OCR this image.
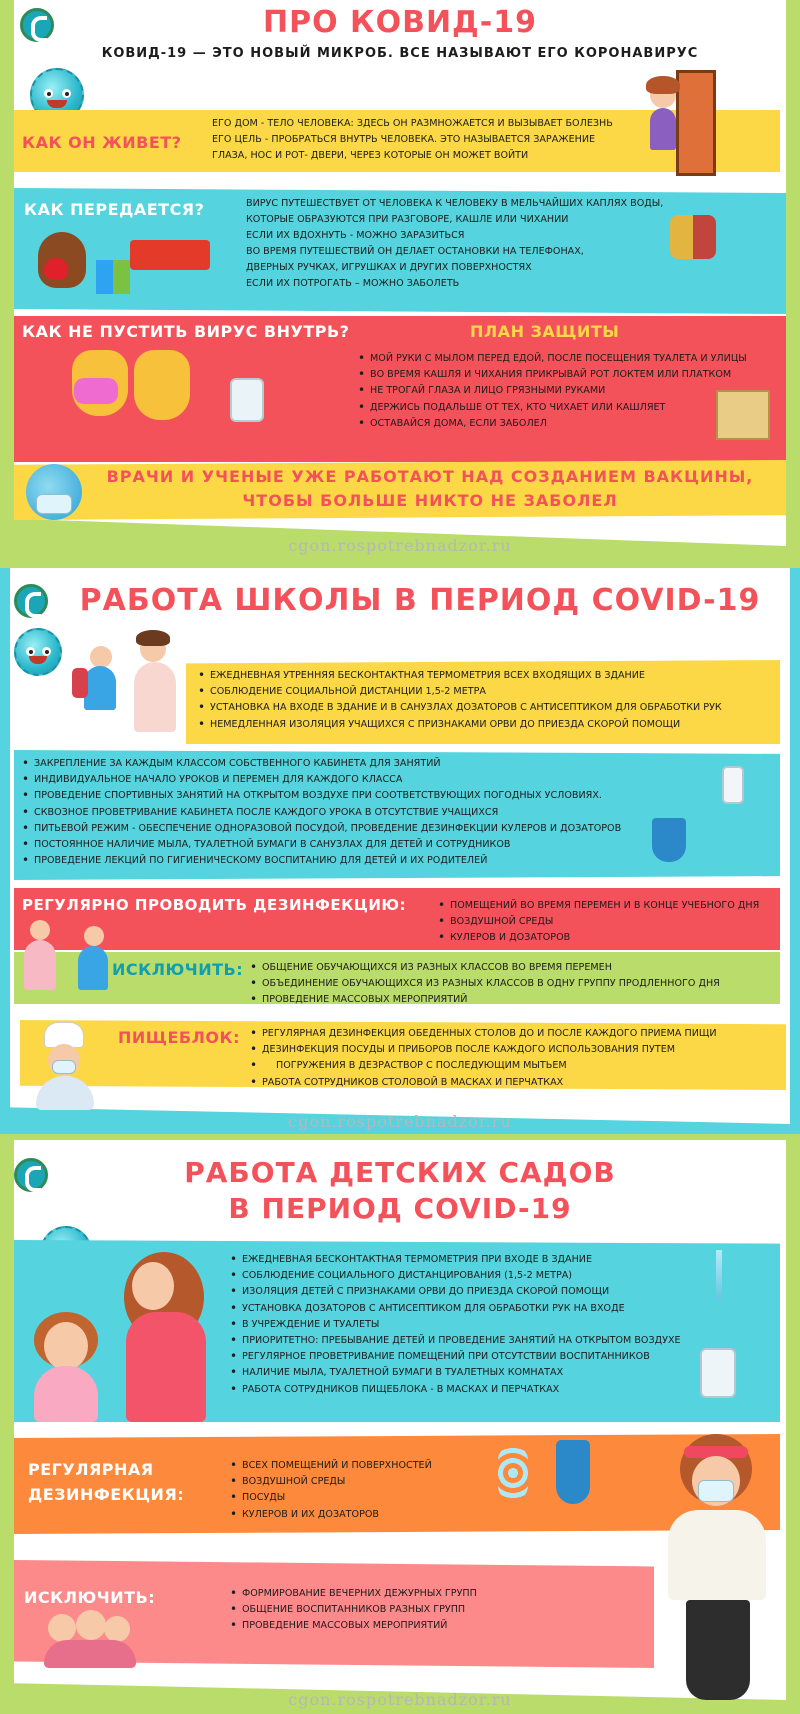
ПРО КОВИД-19
КОВИД-19 — ЭТО НОВЫЙ МИКРОБ. ВСЕ НАЗЫВАЮТ ЕГО КОРОНАВИРУС
КАК ОН ЖИВЕТ?
ЕГО ДОМ - ТЕЛО ЧЕЛОВЕКА: ЗДЕСЬ ОН РАЗМНОЖАЕТСЯ И ВЫЗЫВАЕТ БОЛЕЗНЬ
ЕГО ЦЕЛЬ - ПРОБРАТЬСЯ ВНУТРЬ ЧЕЛОВЕКА. ЭТО НАЗЫВАЕТСЯ ЗАРАЖЕНИЕ
ГЛАЗА, НОС И РОТ- ДВЕРИ, ЧЕРЕЗ КОТОРЫЕ ОН МОЖЕТ ВОЙТИ
КАК ПЕРЕДАЕТСЯ?	ВИРУС ПУТЕШЕСТВУЕТ ОТ ЧЕЛОВЕКА К ЧЕЛОВЕКУ В МЕЛЬЧАЙШИХ КАПЛЯХ ВОДЫ,
КОТОРЫЕ ОБРАЗУЮТСЯ ПРИ РАЗГОВОРЕ, КАШЛЕ ИЛИ ЧИХАНИИ
ЕСЛИ ИХ ВДОХНУТЬ - МОЖНО ЗАРАЗИТЬСЯ
ВО ВРЕМЯ ПУТЕШЕСТВИЙ ОН ДЕЛАЕТ ОСТАНОВКИ НА ТЕЛЕФОНАХ,
ДВЕРНЫХ РУЧКАХ, ИГРУШКАХ И ДРУГИХ ПОВЕРХНОСТЯХ
ЕСЛИ ИХ ПОТРОГАТЬ – МОЖНО ЗАБОЛЕТЬ
КАК НЕ ПУСТИТЬ ВИРУС ВНУТРЬ?	ПЛАН ЗАЩИТЫ
• МОЙ РУКИ С МЫЛОМ ПЕРЕД ЕДОЙ, ПОСЛЕ ПОСЕЩЕНИЯ ТУАЛЕТА И УЛИЦЫ
• ВО ВРЕМЯ КАШЛЯ И ЧИХАНИЯ ПРИКРЫВАЙ РОТ ЛОКТЕМ ИЛИ ПЛАТКОМ
• НЕ ТРОГАЙ ГЛАЗА И ЛИЦО ГРЯЗНЫМИ РУКАМИ
• ДЕРЖИСЬ ПОДАЛЬШЕ ОТ ТЕХ, КТО ЧИХАЕТ ИЛИ КАШЛЯЕТ
• ОСТАВАЙСЯ ДОМА, ЕСЛИ ЗАБОЛЕЛ
ВРАЧИ И УЧЕНЫЕ УЖЕ РАБОТАЮТ НАД СОЗДАНИЕМ ВАКЦИНЫ,
ЧТОБЫ БОЛЬШЕ НИКТО НЕ ЗАБОЛЕЛ
cgon.rospotrebnadzor.ru
РАБОТА ШКОЛЫ В ПЕРИОД COVID-19
• ЕЖЕДНЕВНАЯ УТРЕННЯЯ БЕСКОНТАКТНАЯ ТЕРМОМЕТРИЯ ВСЕХ ВХОДЯЩИХ В ЗДАНИЕ
• СОБЛЮДЕНИЕ СОЦИАЛЬНОЙ ДИСТАНЦИИ 1,5-2 МЕТРА
• УСТАНОВКА НА ВХОДЕ В ЗДАНИЕ И В САНУЗЛАХ ДОЗАТОРОВ С АНТИСЕПТИКОМ ДЛЯ ОБРАБОТКИ РУК
• НЕМЕДЛЕННАЯ ИЗОЛЯЦИЯ УЧАЩИХСЯ С ПРИЗНАКАМИ ОРВИ ДО ПРИЕЗДА СКОРОЙ ПОМОЩИ
• ЗАКРЕПЛЕНИЕ ЗА КАЖДЫМ КЛАССОМ СОБСТВЕННОГО КАБИНЕТА ДЛЯ ЗАНЯТИЙ
• ИНДИВИДУАЛЬНОЕ НАЧАЛО УРОКОВ И ПЕРЕМЕН ДЛЯ КАЖДОГО КЛАССА
• ПРОВЕДЕНИЕ СПОРТИВНЫХ ЗАНЯТИЙ НА ОТКРЫТОМ ВОЗДУХЕ ПРИ СООТВЕТСТВУЮЩИХ ПОГОДНЫХ УСЛОВИЯХ.
• СКВОЗНОЕ ПРОВЕТРИВАНИЕ КАБИНЕТА ПОСЛЕ КАЖДОГО УРОКА В ОТСУТСТВИЕ УЧАЩИХСЯ
• ПИТЬЕВОЙ РЕЖИМ - ОБЕСПЕЧЕНИЕ ОДНОРАЗОВОЙ ПОСУДОЙ, ПРОВЕДЕНИЕ ДЕЗИНФЕКЦИИ КУЛЕРОВ И ДОЗАТОРОВ
• ПОСТОЯННОЕ НАЛИЧИЕ МЫЛА, ТУАЛЕТНОЙ БУМАГИ В САНУЗЛАХ ДЛЯ ДЕТЕЙ И СОТРУДНИКОВ
• ПРОВЕДЕНИЕ ЛЕКЦИЙ ПО ГИГИЕНИЧЕСКОМУ ВОСПИТАНИЮ ДЛЯ ДЕТЕЙ И ИХ РОДИТЕЛЕЙ
РЕГУЛЯРНО ПРОВОДИТЬ ДЕЗИНФЕКЦИЮ:	• ПОМЕЩЕНИЙ ВО ВРЕМЯ ПЕРЕМЕН И В КОНЦЕ УЧЕБНОГО ДНЯ
• ВОЗДУШНОЙ СРЕДЫ
• КУЛЕРОВ И ДОЗАТОРОВ
ИСКЛЮЧИТЬ:	• ОБЩЕНИЕ ОБУЧАЮЩИХСЯ ИЗ РАЗНЫХ КЛАССОВ ВО ВРЕМЯ ПЕРЕМЕН
• ОБЪЕДИНЕНИЕ ОБУЧАЮЩИХСЯ ИЗ РАЗНЫХ КЛАССОВ В ОДНУ ГРУППУ ПРОДЛЕННОГО ДНЯ
• ПРОВЕДЕНИЕ МАССОВЫХ МЕРОПРИЯТИЙ
ПИЩЕБЛОК:	• РЕГУЛЯРНАЯ ДЕЗИНФЕКЦИЯ ОБЕДЕННЫХ СТОЛОВ ДО И ПОСЛЕ КАЖДОГО ПРИЕМА ПИЩИ
• ДЕЗИНФЕКЦИЯ ПОСУДЫ И ПРИБОРОВ ПОСЛЕ КАЖДОГО ИСПОЛЬЗОВАНИЯ ПУТЕМ
• ПОГРУЖЕНИЯ В ДЕЗРАСТВОР С ПОСЛЕДУЮЩИМ МЫТЬЕМ
• РАБОТА СОТРУДНИКОВ СТОЛОВОЙ В МАСКАХ И ПЕРЧАТКАХ
cgon.rospotrebnadzor.ru
РАБОТА ДЕТСКИХ САДОВ
В ПЕРИОД COVID-19
• ЕЖЕДНЕВНАЯ БЕСКОНТАКТНАЯ ТЕРМОМЕТРИЯ ПРИ ВХОДЕ В ЗДАНИЕ
• СОБЛЮДЕНИЕ СОЦИАЛЬНОГО ДИСТАНЦИРОВАНИЯ (1,5-2 МЕТРА)
• ИЗОЛЯЦИЯ ДЕТЕЙ С ПРИЗНАКАМИ ОРВИ ДО ПРИЕЗДА СКОРОЙ ПОМОЩИ
• УСТАНОВКА ДОЗАТОРОВ С АНТИСЕПТИКОМ ДЛЯ ОБРАБОТКИ РУК НА ВХОДЕ
• В УЧРЕЖДЕНИЕ И ТУАЛЕТЫ
• ПРИОРИТЕТНО: ПРЕБЫВАНИЕ ДЕТЕЙ И ПРОВЕДЕНИЕ ЗАНЯТИЙ НА ОТКРЫТОМ ВОЗДУХЕ
• РЕГУЛЯРНОЕ ПРОВЕТРИВАНИЕ ПОМЕЩЕНИЙ ПРИ ОТСУТСТВИИ ВОСПИТАННИКОВ
• НАЛИЧИЕ МЫЛА, ТУАЛЕТНОЙ БУМАГИ В ТУАЛЕТНЫХ КОМНАТАХ
• РАБОТА СОТРУДНИКОВ ПИЩЕБЛОКА - В МАСКАХ И ПЕРЧАТКАХ
РЕГУЛЯРНАЯ
ДЕЗИНФЕКЦИЯ:
• ВСЕХ ПОМЕЩЕНИЙ И ПОВЕРХНОСТЕЙ
• ВОЗДУШНОЙ СРЕДЫ
• ПОСУДЫ
• КУЛЕРОВ И ИХ ДОЗАТОРОВ
ИСКЛЮЧИТЬ:	• ФОРМИРОВАНИЕ ВЕЧЕРНИХ ДЕЖУРНЫХ ГРУПП
• ОБЩЕНИЕ ВОСПИТАННИКОВ РАЗНЫХ ГРУПП
• ПРОВЕДЕНИЕ МАССОВЫХ МЕРОПРИЯТИЙ
cgon.rospotrebnadzor.ru
